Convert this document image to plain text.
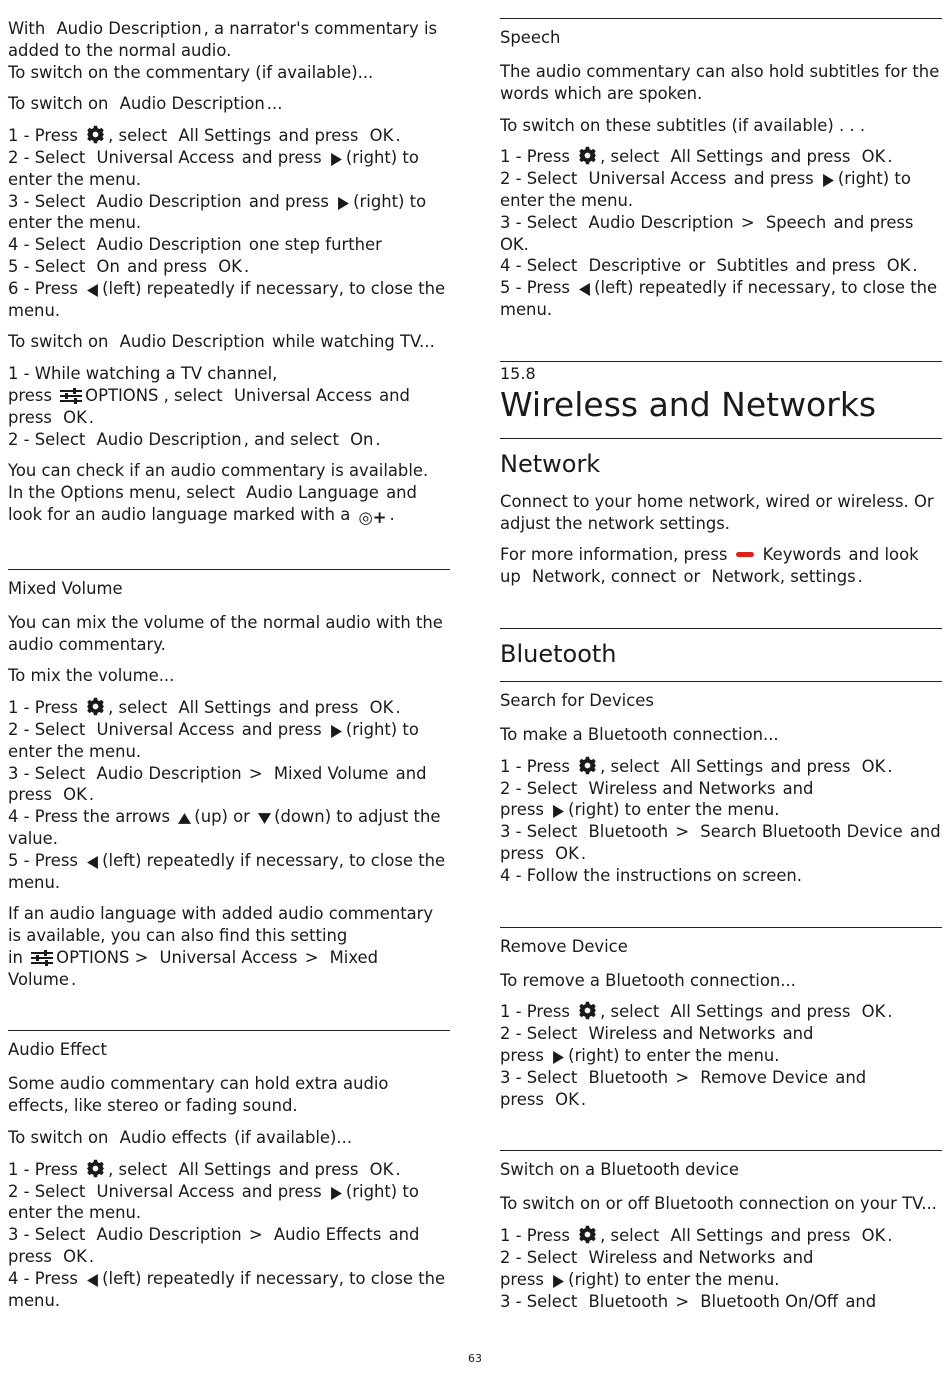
With Audio Description , a narrator's commentary is added to the normal audio.
To switch on the commentary (if available)...

To switch on Audio Description ...

1 - Press , select All Settings and press OK .

2 - Select Universal Access and press (right) to enter the menu.

3 - Select Audio Description and press (right) to enter the menu.

4 - Select Audio Description one step further

5 - Select On and press OK .

6 - Press (left) repeatedly if necessary, to close the menu.

To switch on Audio Description while watching TV...

1 - While watching a TV channel,
press OPTIONS , select Universal Access and
press OK .

2 - Select Audio Description , and select On .

You can check if an audio commentary is available.
In the Options menu, select Audio Language and look for an audio language marked with a ◎+ .

Mixed Volume

You can mix the volume of the normal audio with the audio commentary.

To mix the volume...

1 - Press , select All Settings and press OK .

2 - Select Universal Access and press (right) to enter the menu.

3 - Select Audio Description > Mixed Volume and press OK .

4 - Press the arrows (up) or (down) to adjust the value.

5 - Press (left) repeatedly if necessary, to close the menu.

If an audio language with added audio commentary is available, you can also find this setting
in OPTIONS > Universal Access > Mixed Volume .

Audio Effect

Some audio commentary can hold extra audio effects, like stereo or fading sound.

To switch on Audio effects (if available)...

1 - Press , select All Settings and press OK .

2 - Select Universal Access and press (right) to enter the menu.

3 - Select Audio Description > Audio Effects and press OK .

4 - Press (left) repeatedly if necessary, to close the menu.

Speech

The audio commentary can also hold subtitles for the words which are spoken.

To switch on these subtitles (if available) . . .

1 - Press , select All Settings and press OK .

2 - Select Universal Access and press (right) to enter the menu.

3 - Select Audio Description > Speech and press
OK.

4 - Select Descriptive or Subtitles and press OK .

5 - Press (left) repeatedly if necessary, to close the menu.

15.8
Wireless and Networks
Network

Connect to your home network, wired or wireless. Or adjust the network settings.

For more information, press Keywords and look up Network, connect or Network, settings .

Bluetooth
Search for Devices

To make a Bluetooth connection...

1 - Press , select All Settings and press OK .

2 - Select Wireless and Networks and
press (right) to enter the menu.

3 - Select Bluetooth > Search Bluetooth Device and press OK .

4 - Follow the instructions on screen.

Remove Device

To remove a Bluetooth connection...

1 - Press , select All Settings and press OK .

2 - Select Wireless and Networks and
press (right) to enter the menu.

3 - Select Bluetooth > Remove Device and
press OK .

Switch on a Bluetooth device

To switch on or off Bluetooth connection on your TV...

1 - Press , select All Settings and press OK .

2 - Select Wireless and Networks and
press (right) to enter the menu.

3 - Select Bluetooth > Bluetooth On/Off and

63
